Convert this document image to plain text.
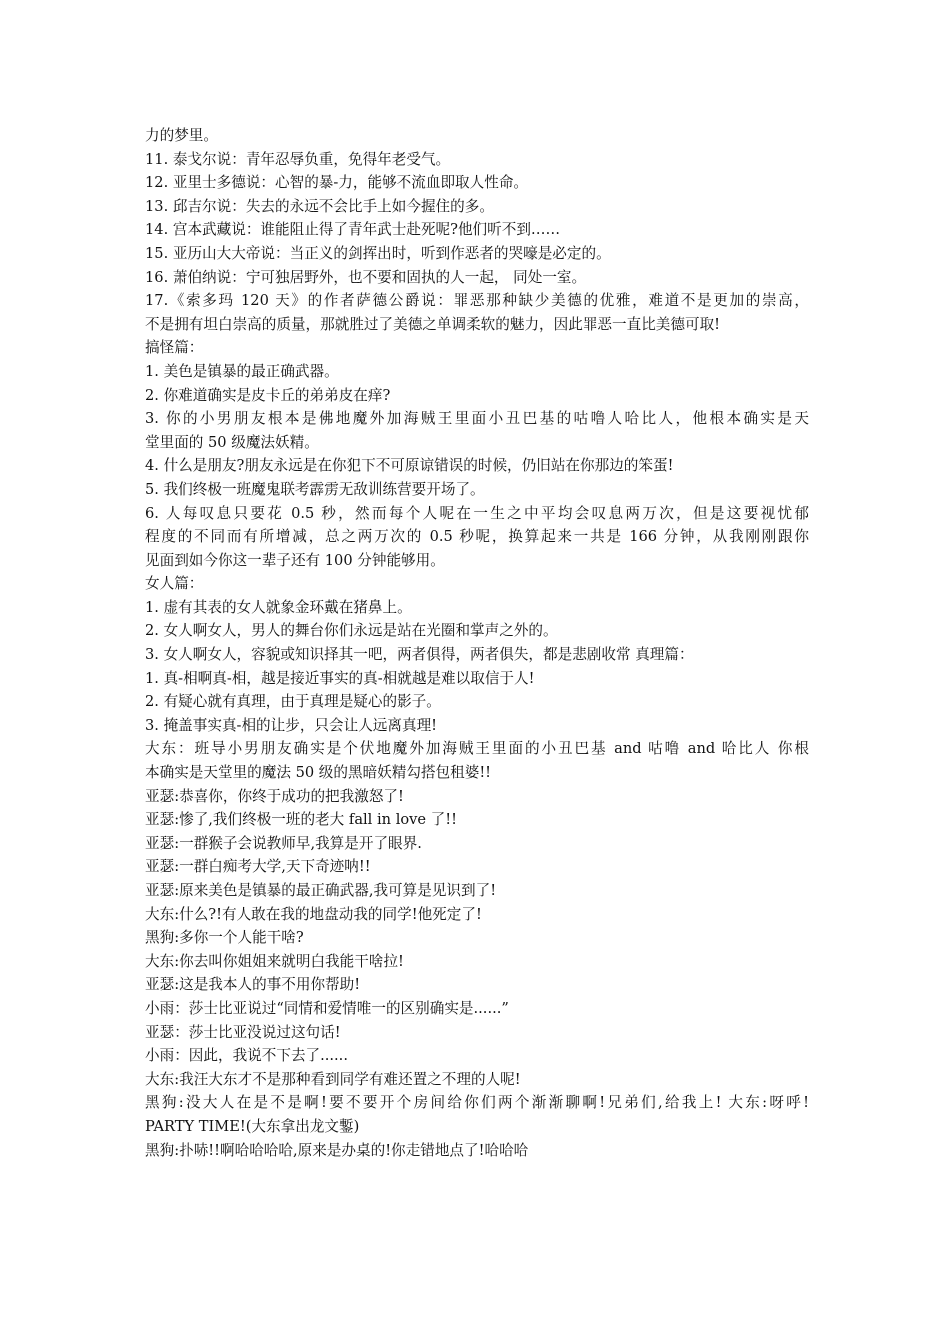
力的梦里。
11. 泰戈尔说：青年忍辱负重，免得年老受气。
12. 亚里士多德说：心智的暴-力，能够不流血即取人性命。
13. 邱吉尔说：失去的永远不会比手上如今握住的多。
14. 宫本武藏说：谁能阻止得了青年武士赴死呢?他们听不到……
15. 亚历山大大帝说：当正义的剑挥出时，听到作恶者的哭嚎是必定的。
16. 萧伯纳说：宁可独居野外，也不要和固执的人一起， 同处一室。
17.《索多玛 120 天》的作者萨德公爵说：罪恶那种缺少美德的优雅，难道不是更加的崇高，
不是拥有坦白崇高的质量，那就胜过了美德之单调柔软的魅力，因此罪恶一直比美德可取!
搞怪篇：
1. 美色是镇暴的最正确武器。
2. 你难道确实是皮卡丘的弟弟皮在痒?
3. 你的小男朋友根本是佛地魔外加海贼王里面小丑巴基的咕噜人哈比人，他根本确实是天
堂里面的 50 级魔法妖精。
4. 什么是朋友?朋友永远是在你犯下不可原谅错误的时候，仍旧站在你那边的笨蛋!
5. 我们终极一班魔鬼联考霹雳无敌训练营要开场了。
6. 人每叹息只要花 0.5 秒，然而每个人呢在一生之中平均会叹息两万次，但是这要视忧郁
程度的不同而有所增减，总之两万次的 0.5 秒呢，换算起来一共是 166 分钟，从我刚刚跟你
见面到如今你这一辈子还有 100 分钟能够用。
女人篇：
1. 虚有其表的女人就象金环戴在猪鼻上。
2. 女人啊女人，男人的舞台你们永远是站在光圈和掌声之外的。
3. 女人啊女人，容貌或知识择其一吧，两者俱得，两者俱失，都是悲剧收常 真理篇：
1. 真-相啊真-相，越是接近事实的真-相就越是难以取信于人!
2. 有疑心就有真理，由于真理是疑心的影子。
3. 掩盖事实真-相的让步，只会让人远离真理!
大东：班导小男朋友确实是个伏地魔外加海贼王里面的小丑巴基 and 咕噜 and 哈比人 你根
本确实是天堂里的魔法 50 级的黑暗妖精勾搭包租婆!!
亚瑟:恭喜你，你终于成功的把我激怒了!
亚瑟:惨了,我们终极一班的老大 fall in love 了!!
亚瑟:一群猴子会说教师早,我算是开了眼界.
亚瑟:一群白痴考大学,天下奇迹呐!!
亚瑟:原来美色是镇暴的最正确武器,我可算是见识到了!
大东:什么?!有人敢在我的地盘动我的同学!他死定了!
黑狗:多你一个人能干啥?
大东:你去叫你姐姐来就明白我能干啥拉!
亚瑟:这是我本人的事不用你帮助!
小雨：莎士比亚说过“同情和爱情唯一的区别确实是......”
亚瑟：莎士比亚没说过这句话!
小雨：因此，我说不下去了......
大东:我汪大东才不是那种看到同学有难还置之不理的人呢!
黑狗:没大人在是不是啊!要不要开个房间给你们两个渐渐聊啊!兄弟们,给我上! 大东:呀呼!
PARTY TIME!(大东拿出龙文鏨)
黑狗:扑哧!!啊哈哈哈哈,原来是办桌的!你走错地点了!哈哈哈
